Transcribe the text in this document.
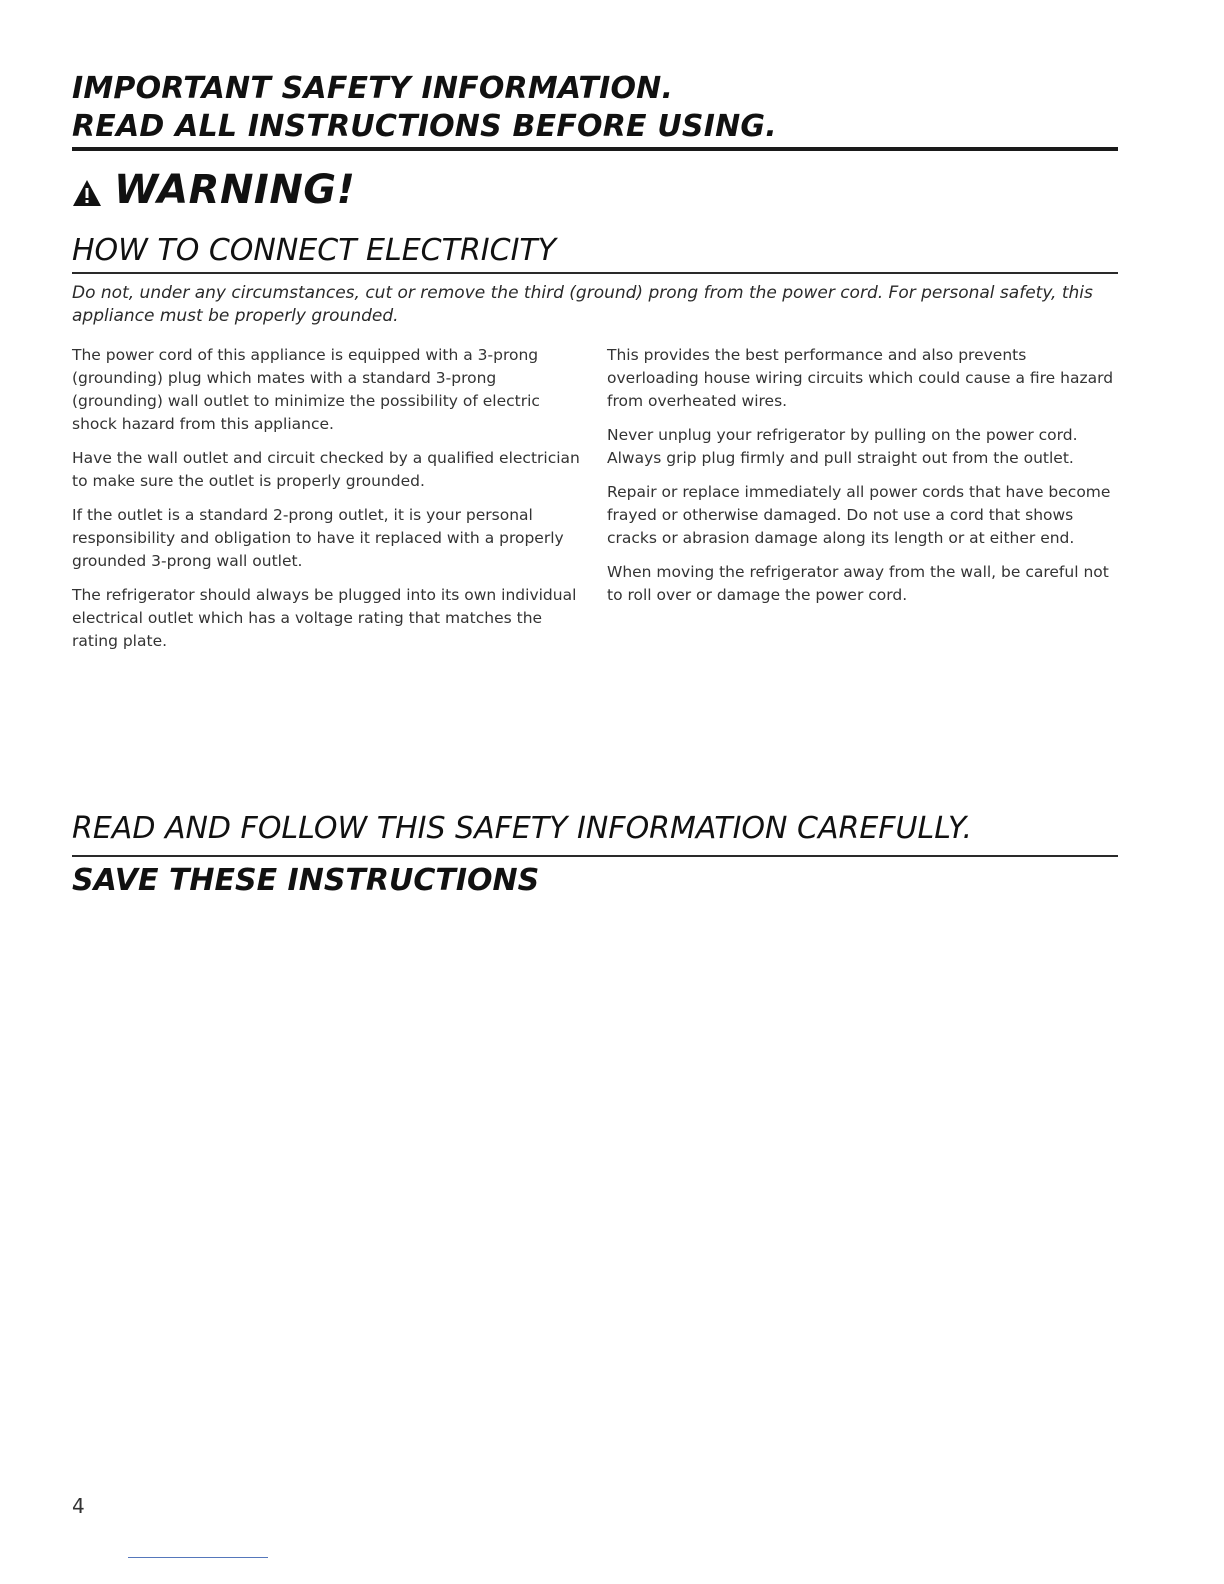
IMPORTANT SAFETY INFORMATION.
READ ALL INSTRUCTIONS BEFORE USING.
WARNING!
HOW TO CONNECT ELECTRICITY
Do not, under any circumstances, cut or remove the third (ground) prong from the power cord. For personal safety, this appliance must be properly grounded.

The power cord of this appliance is equipped with a 3-prong (grounding) plug which mates with a standard 3-prong (grounding) wall outlet to minimize the possibility of electric shock hazard from this appliance.

Have the wall outlet and circuit checked by a qualified electrician to make sure the outlet is properly grounded.

If the outlet is a standard 2-prong outlet, it is your personal responsibility and obligation to have it replaced with a properly grounded 3-prong wall outlet.

The refrigerator should always be plugged into its own individual electrical outlet which has a voltage rating that matches the rating plate.

This provides the best performance and also prevents overloading house wiring circuits which could cause a fire hazard from overheated wires.

Never unplug your refrigerator by pulling on the power cord. Always grip plug firmly and pull straight out from the outlet.

Repair or replace immediately all power cords that have become frayed or otherwise damaged. Do not use a cord that shows cracks or abrasion damage along its length or at either end.

When moving the refrigerator away from the wall, be careful not to roll over or damage the power cord.

READ AND FOLLOW THIS SAFETY INFORMATION CAREFULLY.
SAVE THESE INSTRUCTIONS
4
